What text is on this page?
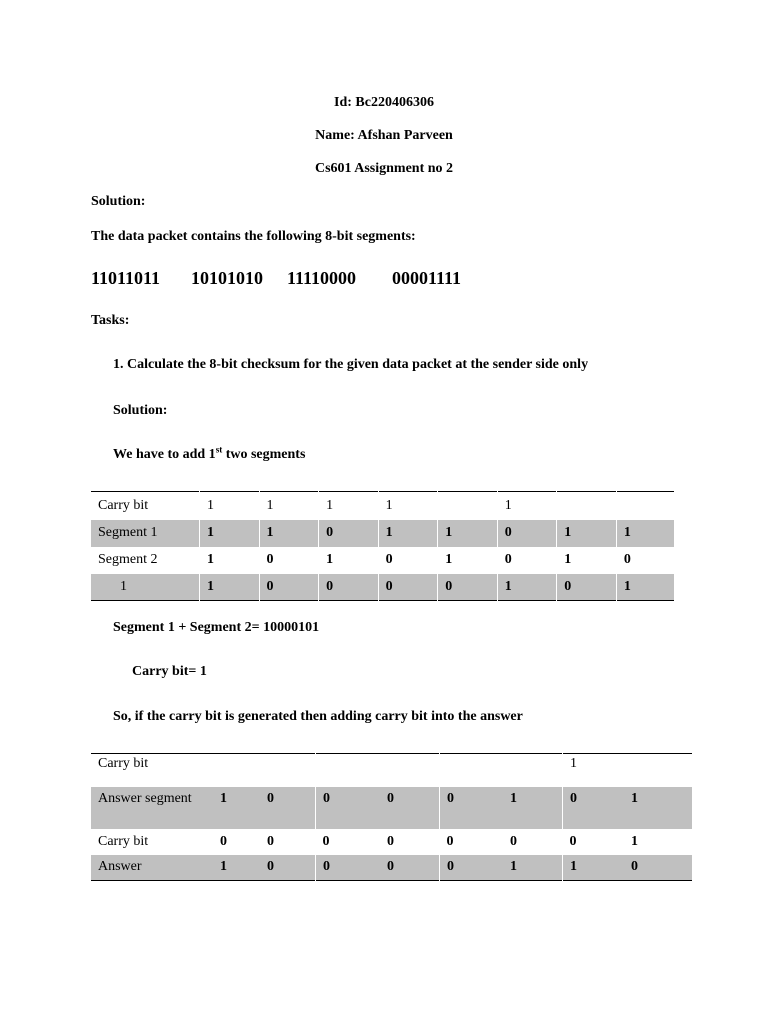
Id: Bc220406306
Name: Afshan Parveen
Cs601 Assignment no 2
Solution:
The data packet contains the following 8-bit segments:
11011011 10101010 11110000 00001111
Tasks:
1. Calculate the 8-bit checksum for the given data packet at the sender side only
Solution:
We have to add 1st two segments
Carry bit	1	1	1	1		1		
Segment 1	1	1	0	1	1	0	1	1
Segment 2	1	0	1	0	1	0	1	0
1	1	0	0	0	0	1	0	1
Segment 1 + Segment 2= 10000101
Carry bit= 1
So, if the carry bit is generated then adding carry bit into the answer
Carry bit							1	
Answer segment	1	0	0	0	0	1	0	1
Carry bit	0	0	0	0	0	0	0	1
Answer	1	0	0	0	0	1	1	0
